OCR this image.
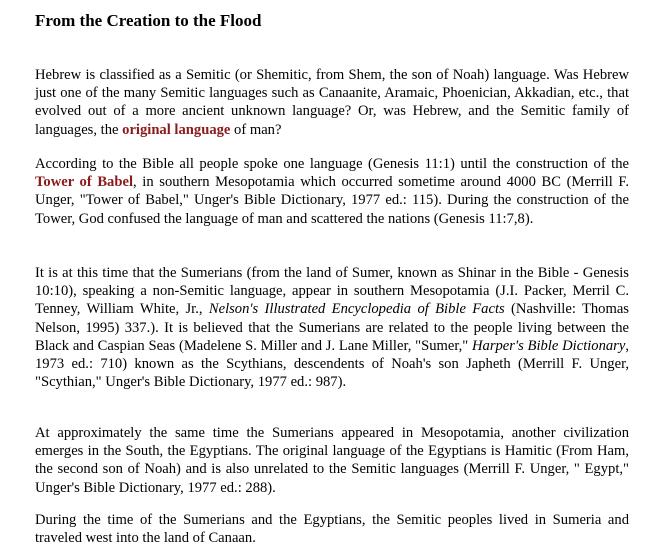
From the Creation to the Flood

Hebrew is classified as a Semitic (or Shemitic, from Shem, the son of Noah) language. Was Hebrew just one of the many Semitic languages such as Canaanite, Aramaic, Phoenician, Akkadian, etc., that evolved out of a more ancient unknown language? Or, was Hebrew, and the Semitic family of languages, the original language of man?

According to the Bible all people spoke one language (Genesis 11:1) until the construction of the Tower of Babel, in southern Mesopotamia which occurred sometime around 4000 BC (Merrill F. Unger, "Tower of Babel," Unger's Bible Dictionary, 1977 ed.: 115). During the construction of the Tower, God confused the language of man and scattered the nations (Genesis 11:7,8).

It is at this time that the Sumerians (from the land of Sumer, known as Shinar in the Bible - Genesis 10:10), speaking a non-Semitic language, appear in southern Mesopotamia (J.I. Packer, Merril C. Tenney, William White, Jr., Nelson's Illustrated Encyclopedia of Bible Facts (Nashville: Thomas Nelson, 1995) 337.). It is believed that the Sumerians are related to the people living between the Black and Caspian Seas (Madelene S. Miller and J. Lane Miller, "Sumer," Harper's Bible Dictionary, 1973 ed.: 710) known as the Scythians, descendents of Noah's son Japheth (Merrill F. Unger, "Scythian," Unger's Bible Dictionary, 1977 ed.: 987).

At approximately the same time the Sumerians appeared in Mesopotamia, another civilization emerges in the South, the Egyptians. The original language of the Egyptians is Hamitic (From Ham, the second son of Noah) and is also unrelated to the Semitic languages (Merrill F. Unger, " Egypt," Unger's Bible Dictionary, 1977 ed.: 288).

During the time of the Sumerians and the Egyptians, the Semitic peoples lived in Sumeria and traveled west into the land of Canaan.
